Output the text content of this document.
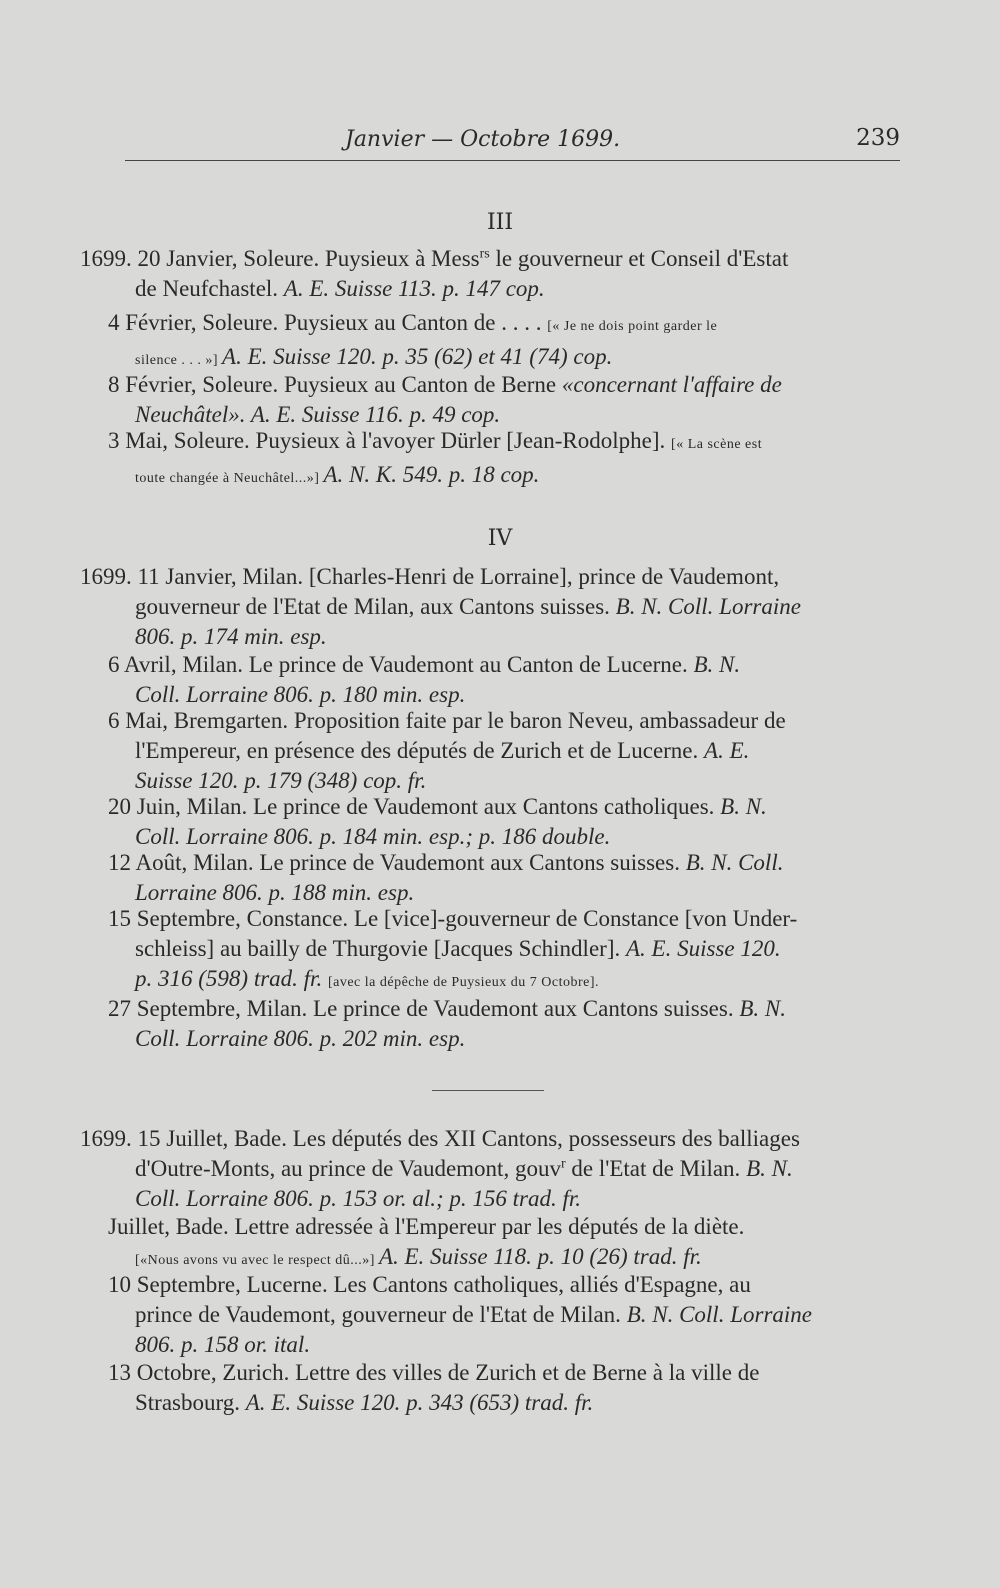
Janvier — Octobre 1699.	239
III
1699. 20 Janvier, Soleure. Puysieux à Mess$^{rs}$ le gouverneur et Conseil d'Estat
de Neufchastel. A. E. Suisse 113. p. 147 cop.
4 Février, Soleure. Puysieux au Canton de . . . . [« Je ne dois point garder le
silence . . . »] A. E. Suisse 120. p. 35 (62) et 41 (74) cop.
8 Février, Soleure. Puysieux au Canton de Berne «concernant l'affaire de
Neuchâtel». A. E. Suisse 116. p. 49 cop.
3 Mai, Soleure. Puysieux à l'avoyer Dürler [Jean-Rodolphe]. [« La scène est
toute changée à Neuchâtel...»] A. N. K. 549. p. 18 cop.
IV
1699. 11 Janvier, Milan. [Charles-Henri de Lorraine], prince de Vaudemont,
gouverneur de l'Etat de Milan, aux Cantons suisses. B. N. Coll. Lorraine
806. p. 174 min. esp.
6 Avril, Milan. Le prince de Vaudemont au Canton de Lucerne. B. N.
Coll. Lorraine 806. p. 180 min. esp.
6 Mai, Bremgarten. Proposition faite par le baron Neveu, ambassadeur de
l'Empereur, en présence des députés de Zurich et de Lucerne. A. E.
Suisse 120. p. 179 (348) cop. fr.
20 Juin, Milan. Le prince de Vaudemont aux Cantons catholiques. B. N.
Coll. Lorraine 806. p. 184 min. esp.; p. 186 double.
12 Août, Milan. Le prince de Vaudemont aux Cantons suisses. B. N. Coll.
Lorraine 806. p. 188 min. esp.
15 Septembre, Constance. Le [vice]-gouverneur de Constance [von Under-
schleiss] au bailly de Thurgovie [Jacques Schindler]. A. E. Suisse 120.
p. 316 (598) trad. fr. [avec la dépêche de Puysieux du 7 Octobre].
27 Septembre, Milan. Le prince de Vaudemont aux Cantons suisses. B. N.
Coll. Lorraine 806. p. 202 min. esp.
1699. 15 Juillet, Bade. Les députés des XII Cantons, possesseurs des balliages
d'Outre-Monts, au prince de Vaudemont, gouv$^r$ de l'Etat de Milan. B. N.
Coll. Lorraine 806. p. 153 or. al.; p. 156 trad. fr.
Juillet, Bade. Lettre adressée à l'Empereur par les députés de la diète.
[«Nous avons vu avec le respect dû...»] A. E. Suisse 118. p. 10 (26) trad. fr.
10 Septembre, Lucerne. Les Cantons catholiques, alliés d'Espagne, au
prince de Vaudemont, gouverneur de l'Etat de Milan. B. N. Coll. Lorraine
806. p. 158 or. ital.
13 Octobre, Zurich. Lettre des villes de Zurich et de Berne à la ville de
Strasbourg. A. E. Suisse 120. p. 343 (653) trad. fr.
